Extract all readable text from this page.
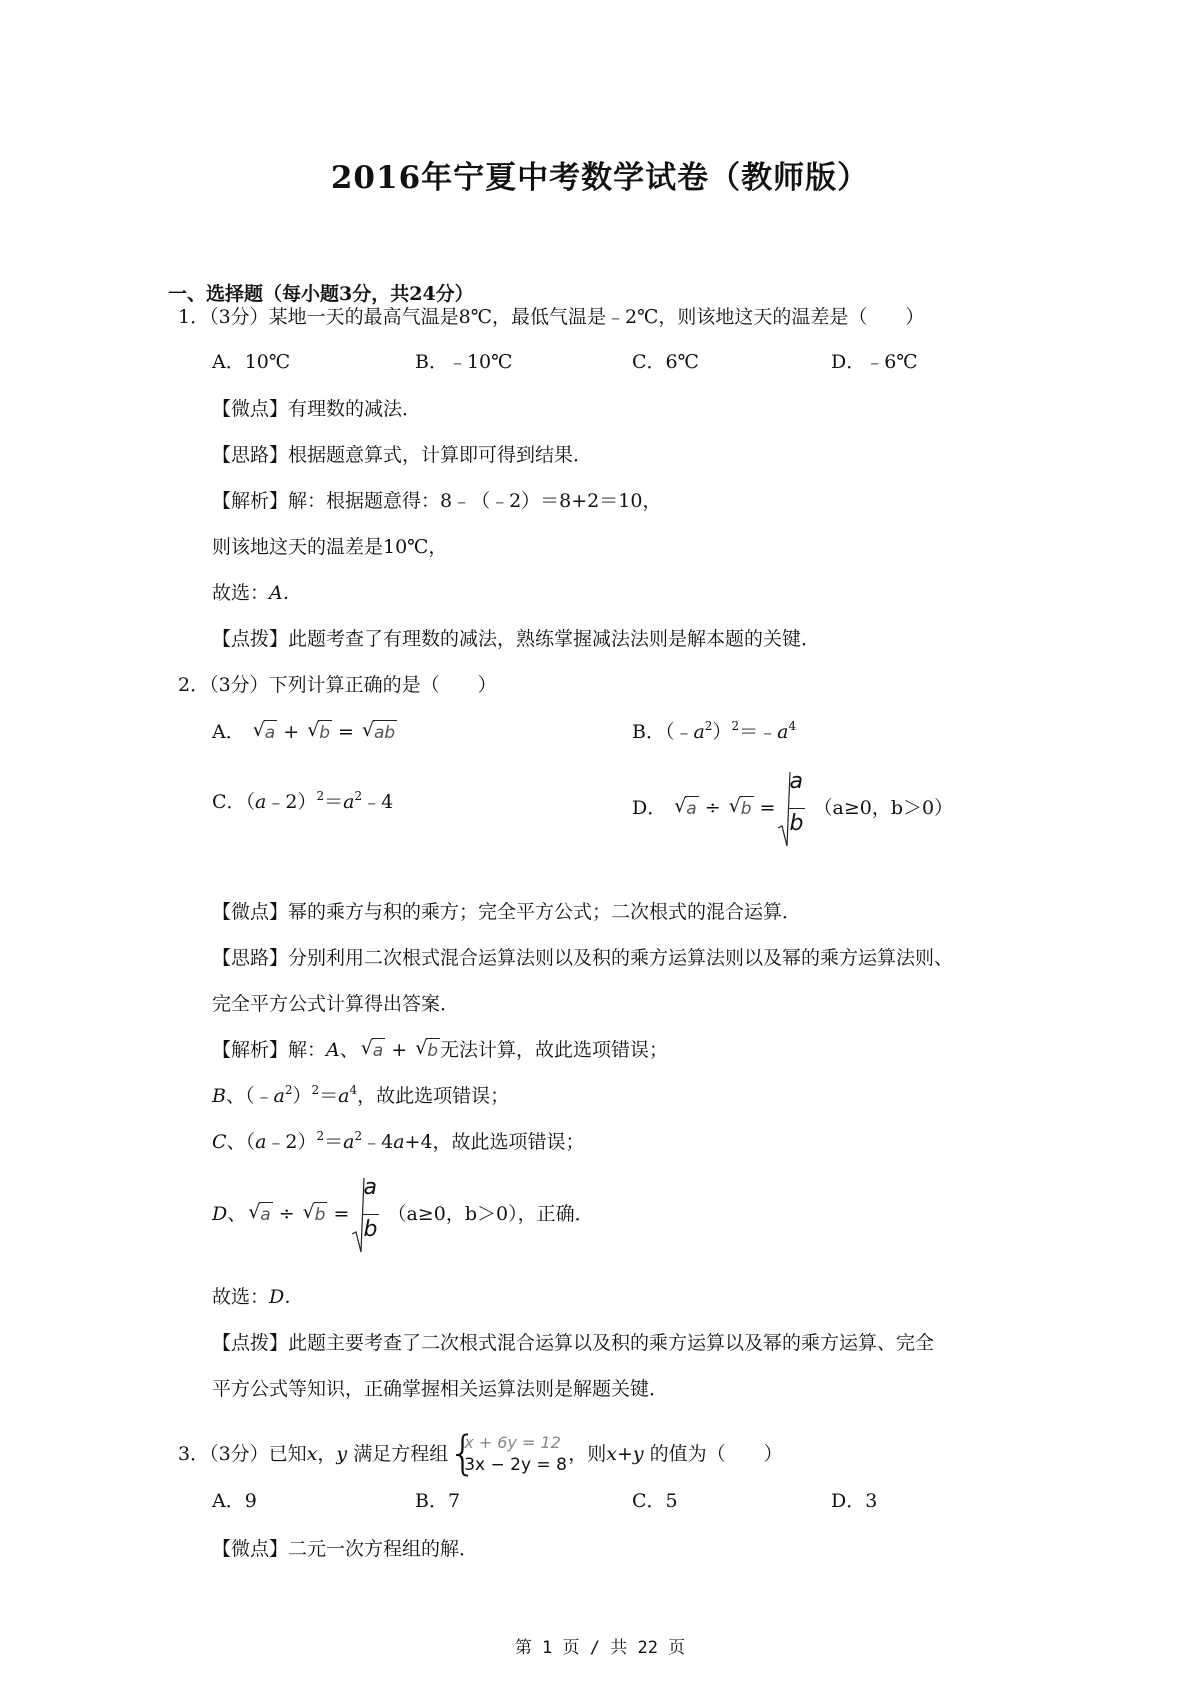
2016年宁夏中考数学试卷（教师版）
一、选择题（每小题3分，共24分）
1．（3分）某地一天的最高气温是8℃，最低气温是﹣2℃，则该地这天的温差是（　　）
A．10℃	B．﹣10℃	C．6℃	D．﹣6℃
【微点】有理数的减法．
【思路】根据题意算式，计算即可得到结果．
【解析】解：根据题意得：8﹣（﹣2）＝8+2＝10，
则该地这天的温差是10℃，
故选：A．
【点拨】此题考查了有理数的减法，熟练掌握减法法则是解本题的关键．
2．（3分）下列计算正确的是（　　）
A． √ a + √ b = √ ab	B．$(﹣a^2)^2=﹣a^4$
C．$(a﹣2)^2=a^2﹣4$	D． √ a ÷ √ $b = \frac{a}{b} (a\ge 0$，b＞0）
【微点】幂的乘方与积的乘方；完全平方公式；二次根式的混合运算．
【思路】分别利用二次根式混合运算法则以及积的乘方运算法则以及幂的乘方运算法则、
完全平方公式计算得出答案．
【解析】解：A、 √ a + √ b 无法计算，故此选项错误；
B、$(﹣a^2)^2=a^4$，故此选项错误；
C、$(a﹣2)^2=a^2﹣4a+4$，故此选项错误；
D、 √ a ÷ √ $b = \frac{a}{b} (a\ge 0$，b＞0），正确．
故选：D．
【点拨】此题主要考查了二次根式混合运算以及积的乘方运算以及幂的乘方运算、完全
平方公式等知识，正确掌握相关运算法则是解题关键．
3．（3分）已知x，y 满足方程组 {
x + 6y = 12
3x − 2y = 8 ，则x+y 的值为（　　）
A．9	B．7	C．5	D．3
【微点】二元一次方程组的解．
第 1 页 / 共 22 页
